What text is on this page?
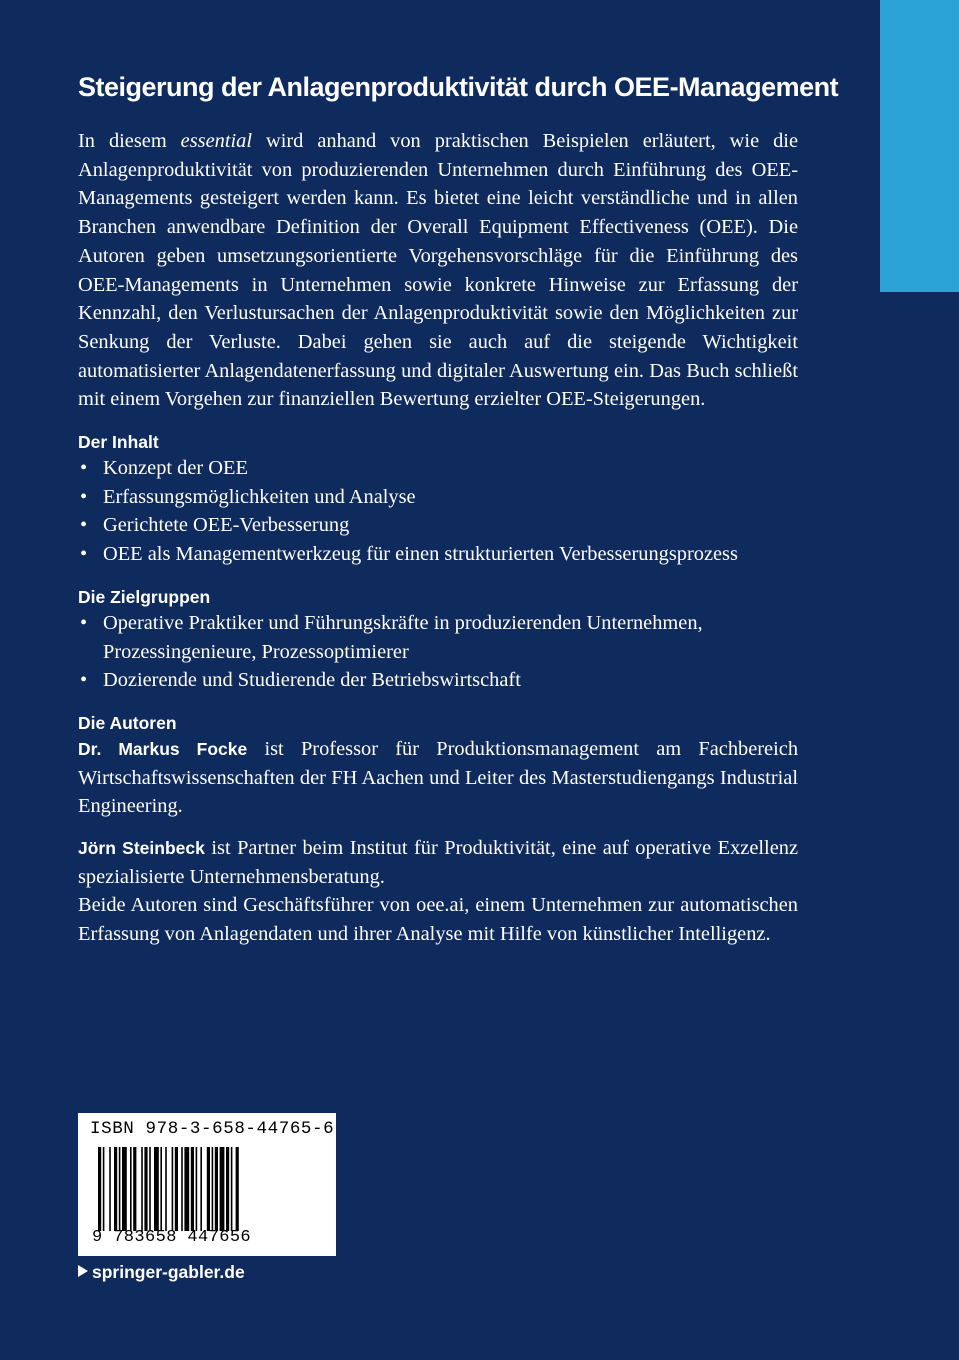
Steigerung der Anlagenproduktivität durch OEE-Management

In diesem essential wird anhand von praktischen Beispielen erläutert, wie die Anlagenproduktivität von produzierenden Unternehmen durch Einführung des OEE-Managements gesteigert werden kann. Es bietet eine leicht verständliche und in allen Branchen anwendbare Definition der Overall Equipment Effectiveness (OEE). Die Autoren geben umsetzungsorientierte Vorgehensvorschläge für die Einführung des OEE-Managements in Unternehmen sowie konkrete Hinweise zur Erfassung der Kennzahl, den Verlustursachen der Anlagenproduktivität sowie den Möglichkeiten zur Senkung der Verluste. Dabei gehen sie auch auf die steigende Wichtigkeit automatisierter Anlagendatenerfassung und digitaler Auswertung ein. Das Buch schließt mit einem Vorgehen zur finanziellen Bewertung erzielter OEE-Steigerungen.

Der Inhalt
• Konzept der OEE
• Erfassungsmöglichkeiten und Analyse
• Gerichtete OEE-Verbesserung
• OEE als Managementwerkzeug für einen strukturierten Verbesserungsprozess
Die Zielgruppen
• Operative Praktiker und Führungskräfte in produzierenden Unternehmen, Prozessingenieure, Prozessoptimierer
• Dozierende und Studierende der Betriebswirtschaft
Die Autoren

Dr. Markus Focke ist Professor für Produktionsmanagement am Fachbereich Wirtschaftswissenschaften der FH Aachen und Leiter des Masterstudiengangs Industrial Engineering.

Jörn Steinbeck ist Partner beim Institut für Produktivität, eine auf operative Exzellenz spezialisierte Unternehmensberatung.

Beide Autoren sind Geschäftsführer von oee.ai, einem Unternehmen zur automatischen Erfassung von Anlagendaten und ihrer Analyse mit Hilfe von künstlicher Intelligenz.

ISBN 978-3-658-44765-6
9 783658 447656
springer-gabler.de
